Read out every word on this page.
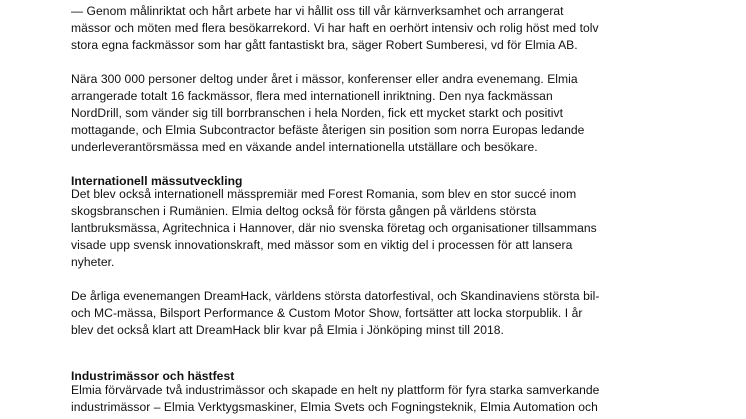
— Genom målinriktat och hårt arbete har vi hållit oss till vår kärnverksamhet och arrangerat
mässor och möten med flera besökarrekord. Vi har haft en oerhört intensiv och rolig höst med tolv
stora egna fackmässor som har gått fantastiskt bra, säger Robert Sumberesi, vd för Elmia AB.
Nära 300 000 personer deltog under året i mässor, konferenser eller andra evenemang. Elmia
arrangerade totalt 16 fackmässor, flera med internationell inriktning. Den nya fackmässan
NordDrill, som vänder sig till borrbranschen i hela Norden, fick ett mycket starkt och positivt
mottagande, och Elmia Subcontractor befäste återigen sin position som norra Europas ledande
underleverantörsmässa med en växande andel internationella utställare och besökare.
Internationell mässutveckling
Det blev också internationell mässpremiär med Forest Romania, som blev en stor succé inom
skogsbranschen i Rumänien. Elmia deltog också för första gången på världens största
lantbruksmässa, Agritechnica i Hannover, där nio svenska företag och organisationer tillsammans
visade upp svensk innovationskraft, med mässor som en viktig del i processen för att lansera
nyheter.
De årliga evenemangen DreamHack, världens största datorfestival, och Skandinaviens största bil-
och MC-mässa, Bilsport Performance & Custom Motor Show, fortsätter att locka storpublik. I år
blev det också klart att DreamHack blir kvar på Elmia i Jönköping minst till 2018.
Industrimässor och hästfest
Elmia förvärvade två industrimässor och skapade en helt ny plattform för fyra starka samverkande
industrimässor – Elmia Verktygsmaskiner, Elmia Svets och Fogningsteknik, Elmia Automation och
